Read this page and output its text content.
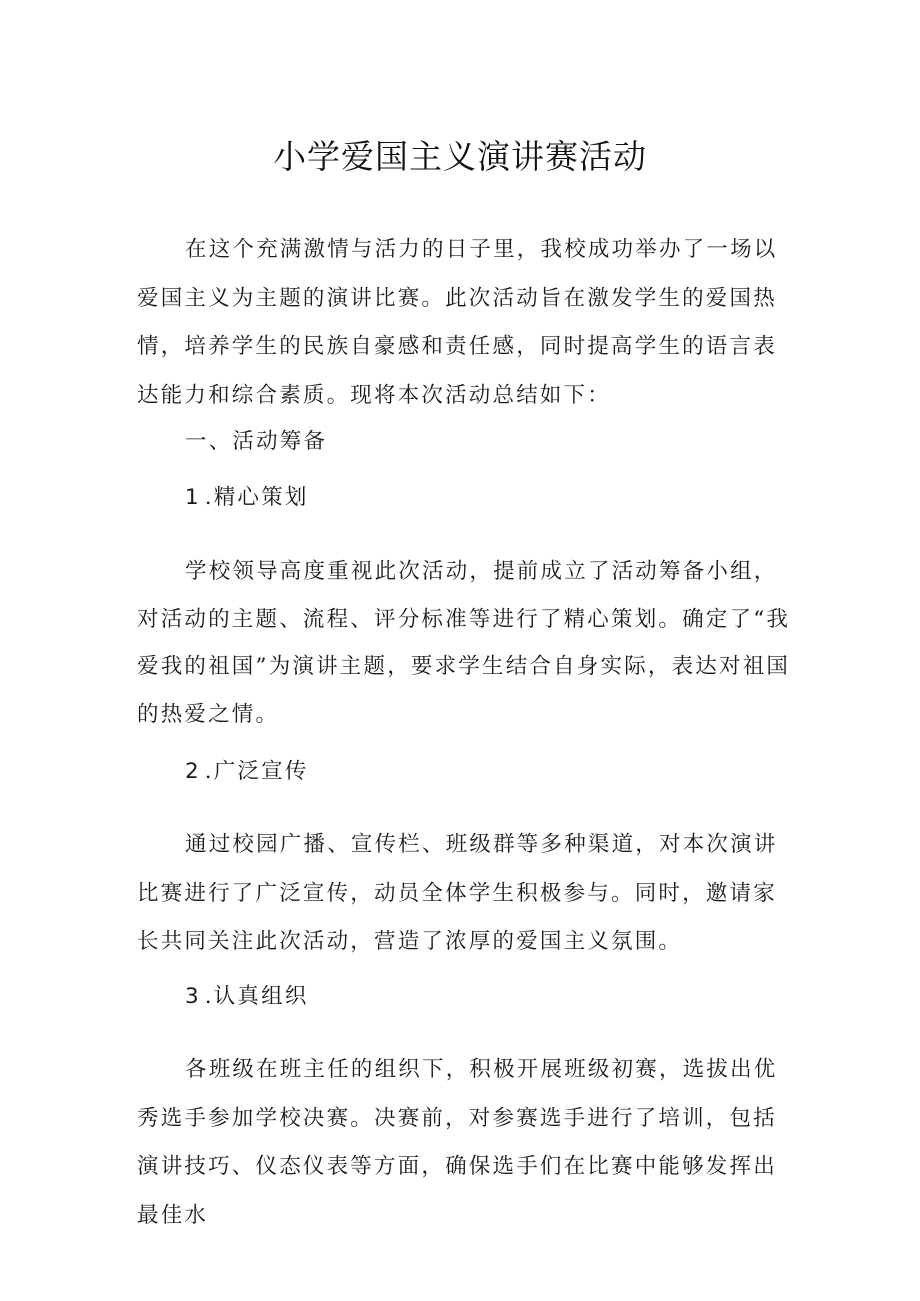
小学爱国主义演讲赛活动

在这个充满激情与活力的日子里，我校成功举办了一场以爱国主义为主题的演讲比赛。此次活动旨在激发学生的爱国热情，培养学生的民族自豪感和责任感，同时提高学生的语言表达能力和综合素质。现将本次活动总结如下：

一、活动筹备

1 .精心策划

学校领导高度重视此次活动，提前成立了活动筹备小组，对活动的主题、流程、评分标准等进行了精心策划。确定了“我爱我的祖国”为演讲主题，要求学生结合自身实际，表达对祖国的热爱之情。

2 .广泛宣传

通过校园广播、宣传栏、班级群等多种渠道，对本次演讲比赛进行了广泛宣传，动员全体学生积极参与。同时，邀请家长共同关注此次活动，营造了浓厚的爱国主义氛围。

3 .认真组织

各班级在班主任的组织下，积极开展班级初赛，选拔出优秀选手参加学校决赛。决赛前，对参赛选手进行了培训，包括演讲技巧、仪态仪表等方面，确保选手们在比赛中能够发挥出最佳水
